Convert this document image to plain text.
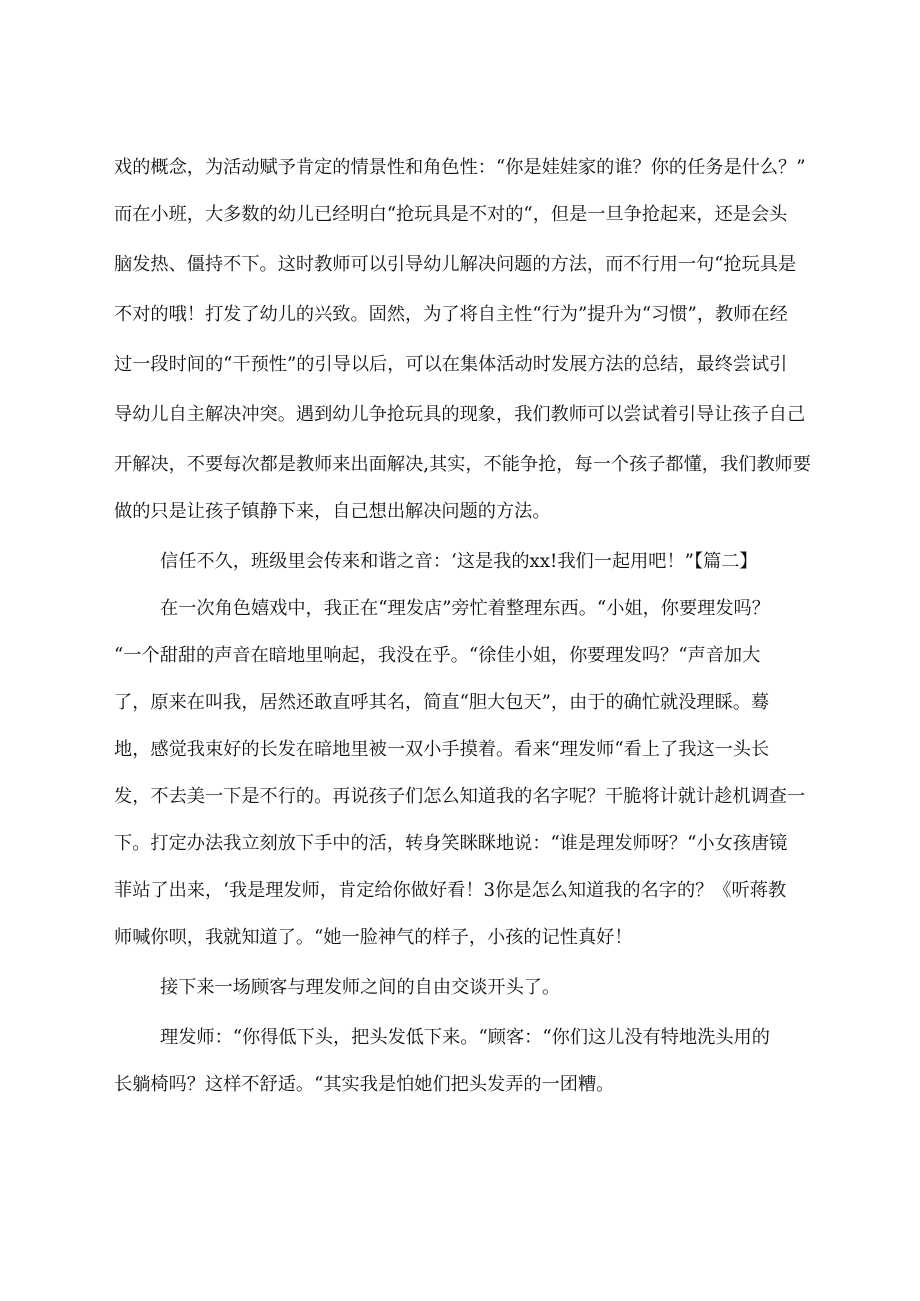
戏的概念，为活动赋予肯定的情景性和角色性：“你是娃娃家的谁？你的任务是什么？”
而在小班，大多数的幼儿已经明白“抢玩具是不对的“，但是一旦争抢起来，还是会头
脑发热、僵持不下。这时教师可以引导幼儿解决问题的方法，而不行用一句“抢玩具是
不对的哦！打发了幼儿的兴致。固然，为了将自主性“行为”提升为“习惯”，教师在经
过一段时间的“干预性”的引导以后，可以在集体活动时发展方法的总结，最终尝试引
导幼儿自主解决冲突。遇到幼儿争抢玩具的现象，我们教师可以尝试着引导让孩子自己
开解决，不要每次都是教师来出面解决,其实，不能争抢，每一个孩子都懂，我们教师要
做的只是让孩子镇静下来，自己想出解决问题的方法。
信任不久，班级里会传来和谐之音：‘这是我的xx!我们一起用吧！”【篇二】
在一次角色嬉戏中，我正在“理发店”旁忙着整理东西。“小姐，你要理发吗？
“一个甜甜的声音在暗地里响起，我没在乎。“徐佳小姐，你要理发吗？“声音加大
了，原来在叫我，居然还敢直呼其名，简直“胆大包天”，由于的确忙就没理睬。蓦
地，感觉我束好的长发在暗地里被一双小手摸着。看来“理发师“看上了我这一头长
发，不去美一下是不行的。再说孩子们怎么知道我的名字呢？干脆将计就计趁机调查一
下。打定办法我立刻放下手中的活，转身笑眯眯地说：“谁是理发师呀？“小女孩唐镜
菲站了出来，‘我是理发师，肯定给你做好看！3你是怎么知道我的名字的？《听蒋教
师喊你呗，我就知道了。“她一脸神气的样子，小孩的记性真好！
接下来一场顾客与理发师之间的自由交谈开头了。
理发师：“你得低下头，把头发低下来。“顾客：“你们这儿没有特地洗头用的
长躺椅吗？这样不舒适。“其实我是怕她们把头发弄的一团糟。
